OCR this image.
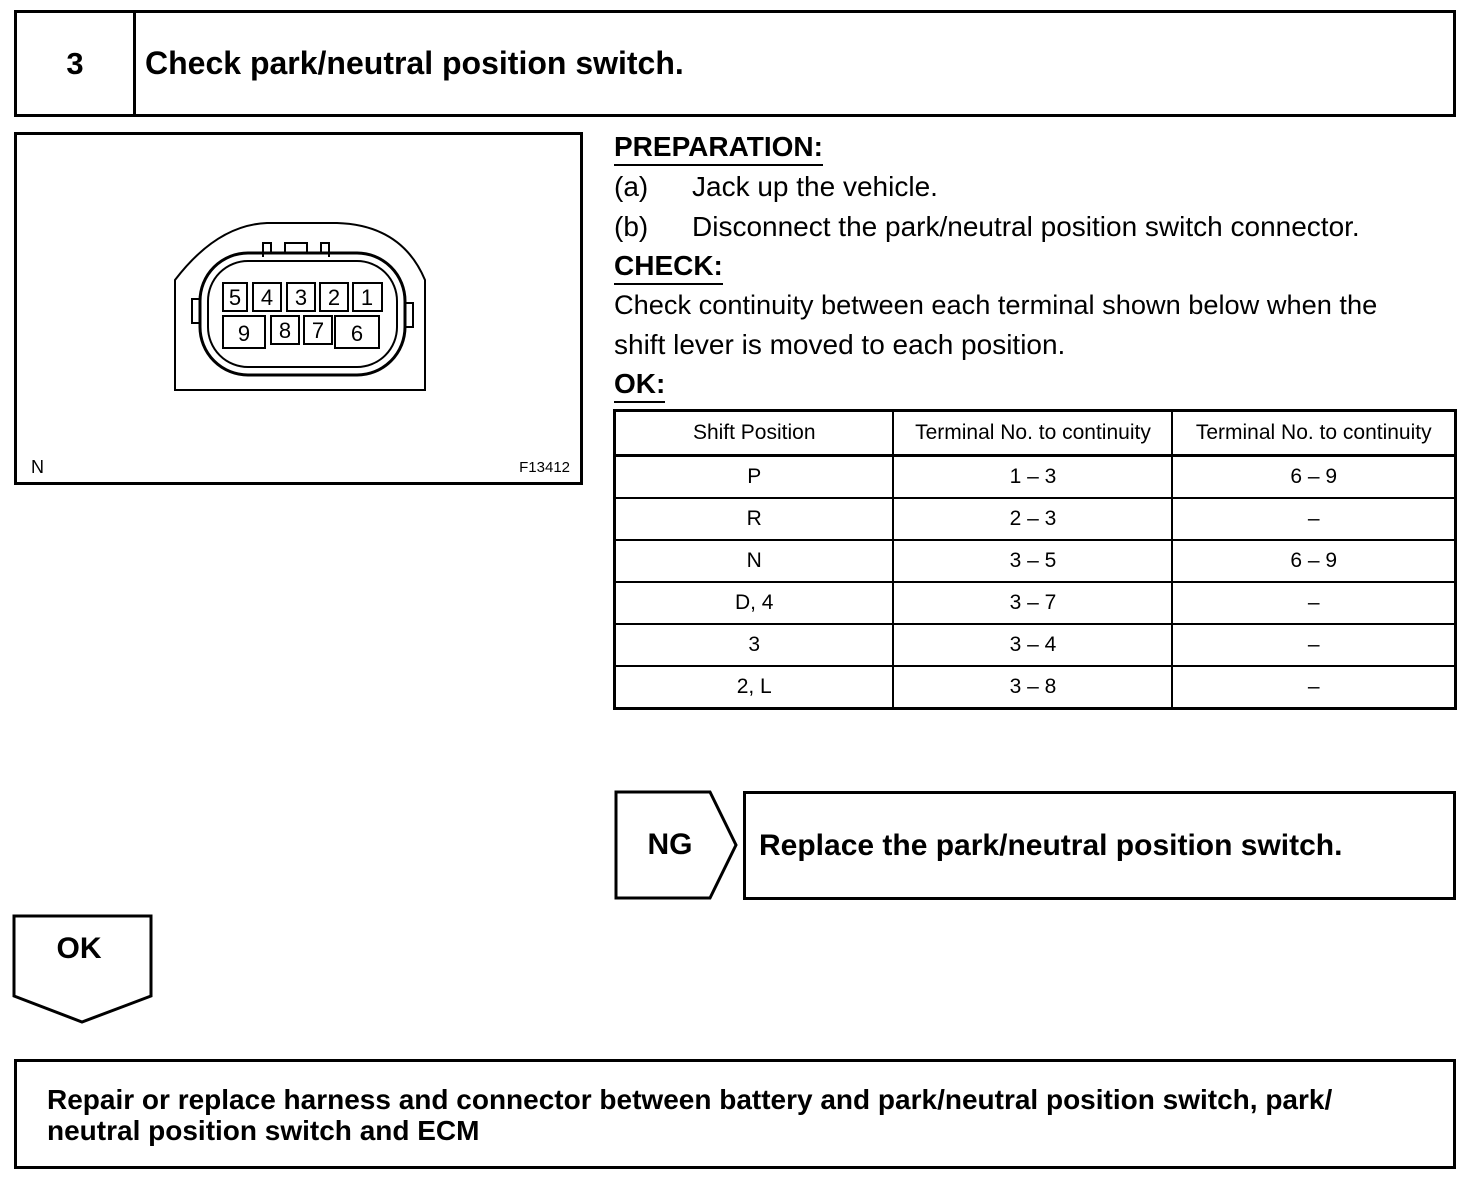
3	Check park/neutral position switch.
5 4 3 2 1
9 8 7 6
N	F13412
PREPARATION:
(a) Jack up the vehicle.
(b) Disconnect the park/neutral position switch connector.
CHECK:
Check continuity between each terminal shown below when the
shift lever is moved to each position.
OK:
Shift Position	Terminal No. to continuity	Terminal No. to continuity
P	1 – 3	6 – 9
R	2 – 3	–
N	3 – 5	6 – 9
D, 4	3 – 7	–
3	3 – 4	–
2, L	3 – 8	–
NG	Replace the park/neutral position switch.
OK
Repair or replace harness and connector between battery and park/neutral position switch, park/
neutral position switch and ECM
